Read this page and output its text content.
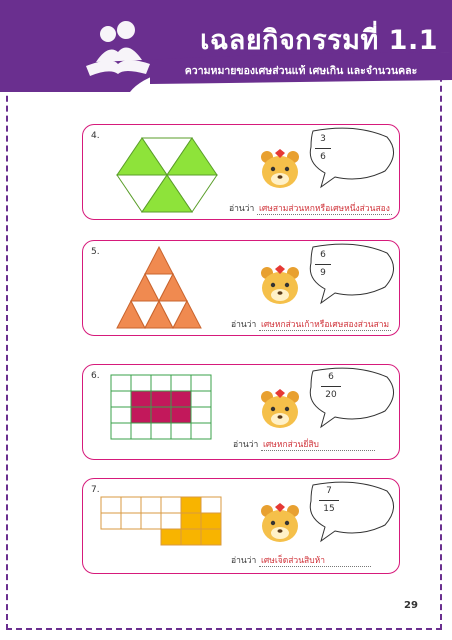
เฉลยกิจกรรมที่ 1.1
ความหมายของเศษส่วนแท้ เศษเกิน และจำนวนคละ
4.	3
6
อ่านว่า เศษสามส่วนหกหรือเศษหนึ่งส่วนสอง
5.	6
9
อ่านว่า เศษหกส่วนเก้าหรือเศษสองส่วนสาม
6.	6
20
อ่านว่า เศษหกส่วนยี่สิบ
7.	7
15
อ่านว่า เศษเจ็ดส่วนสิบห้า
29
